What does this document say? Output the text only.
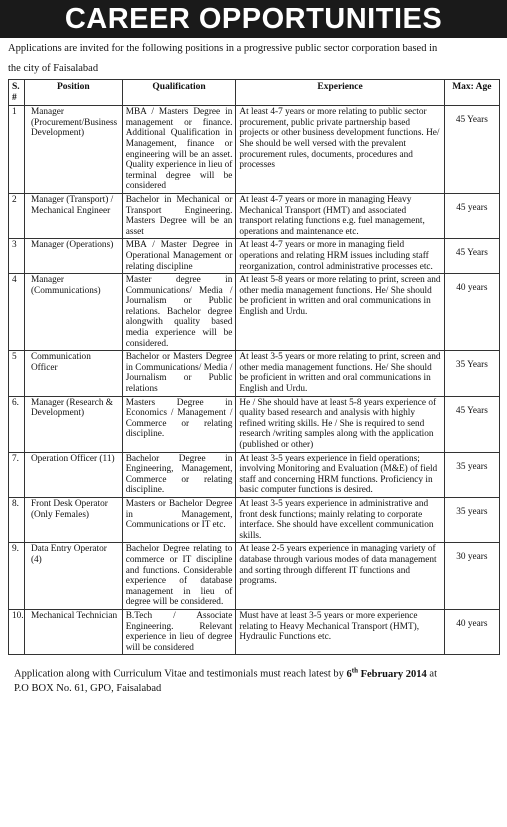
CAREER OPPORTUNITIES
Applications are invited for the following positions in a progressive public sector corporation based in
the city of Faisalabad
S.
#	Position	Qualification	Experience	Max: Age
1	Manager (Procurement/Business Development)	MBA / Masters Degree in management or finance. Additional Qualification in Management, finance or engineering will be an asset. Quality experience in lieu of terminal degree will be considered	At least 4-7 years or more relating to public sector procurement, public private partnership based projects or other business development functions. He/ She should be well versed with the prevalent procurement rules, documents, procedures and processes	45 Years
2	Manager (Transport) / Mechanical Engineer	Bachelor in Mechanical or Transport Engineering. Masters Degree will be an asset	At least 4-7 years or more in managing Heavy Mechanical Transport (HMT) and associated transport relating functions e.g. fuel management, operations and maintenance etc.	45 years
3	Manager (Operations)	MBA / Master Degree in Operational Management or relating discipline	At least 4-7 years or more in managing field operations and relating HRM issues including staff reorganization, control administrative processes etc.	45 Years
4	Manager (Communications)	Master degree in Communications/ Media / Journalism or Public relations. Bachelor degree alongwith quality based media experience will be considered.	At least 5-8 years or more relating to print, screen and other media management functions. He/ She should be proficient in written and oral communications in English and Urdu.	40 years
5	Communication Officer	Bachelor or Masters Degree in Communications/ Media / Journalism or Public relations	At least 3-5 years or more relating to print, screen and other media management functions. He/ She should be proficient in written and oral communications in English and Urdu.	35 Years
6.	Manager (Research & Development)	Masters Degree in Economics / Management / Commerce or relating discipline.	He / She should have at least 5-8 years experience of quality based research and analysis with highly refined writing skills. He / She is required to send research /writing samples along with the application (published or other)	45 Years
7.	Operation Officer (11)	Bachelor Degree in Engineering, Management, Commerce or relating discipline.	At least 3-5 years experience in field operations; involving Monitoring and Evaluation (M&E) of field staff and concerning HRM functions. Proficiency in basic computer functions is desired.	35 years
8.	Front Desk Operator (Only Females)	Masters or Bachelor Degree in Management, Communications or IT etc.	At least 3-5 years experience in administrative and front desk functions; mainly relating to corporate interface. She should have excellent communication skills.	35 years
9.	Data Entry Operator (4)	Bachelor Degree relating to commerce or IT discipline and functions. Considerable experience of database management in lieu of degree will be considered.	At lease 2-5 years experience in managing variety of database through various modes of data management and sorting through different IT functions and programs.	30 years
10.	Mechanical Technician	B.Tech / Associate Engineering. Relevant experience in lieu of degree will be considered	Must have at least 3-5 years or more experience relating to Heavy Mechanical Transport (HMT), Hydraulic Functions etc.	40 years
Application along with Curriculum Vitae and testimonials must reach latest by 6th February 2014 at
P.O BOX No. 61, GPO, Faisalabad
